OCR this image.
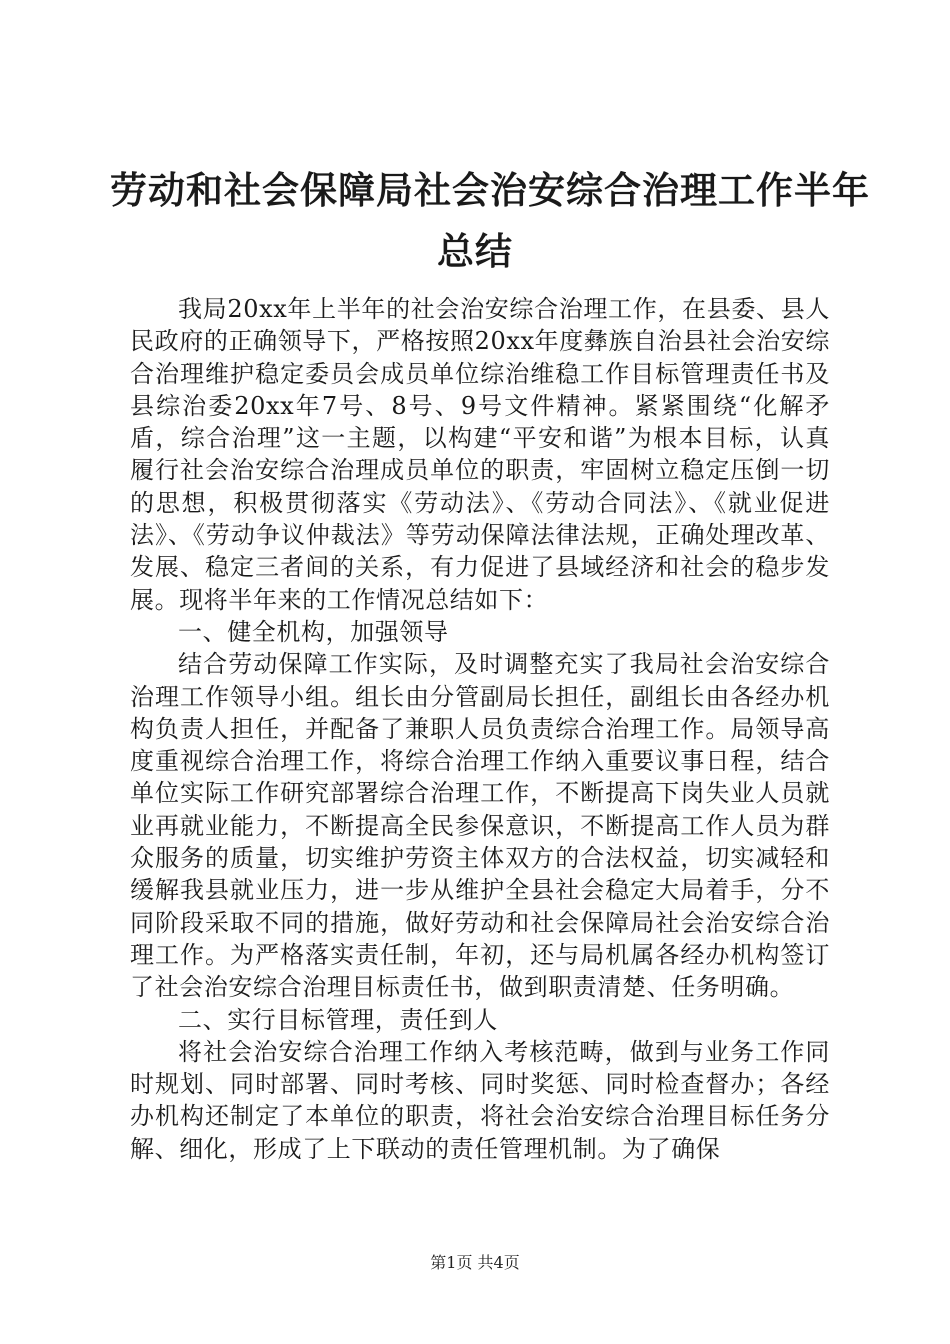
劳动和社会保障局社会治安综合治理工作半年
总结

我局20xx年上半年的社会治安综合治理工作，在县委、县人民政府的正确领导下，严格按照20xx年度彝族自治县社会治安综合治理维护稳定委员会成员单位综治维稳工作目标管理责任书及县综治委20xx年7号、8号、9号文件精神。紧紧围绕“化解矛盾，综合治理”这一主题，以构建“平安和谐”为根本目标，认真履行社会治安综合治理成员单位的职责，牢固树立稳定压倒一切的思想，积极贯彻落实《劳动法》、《劳动合同法》、《就业促进法》、《劳动争议仲裁法》等劳动保障法律法规，正确处理改革、发展、稳定三者间的关系，有力促进了县域经济和社会的稳步发展。现将半年来的工作情况总结如下：

一、健全机构，加强领导

结合劳动保障工作实际，及时调整充实了我局社会治安综合治理工作领导小组。组长由分管副局长担任，副组长由各经办机构负责人担任，并配备了兼职人员负责综合治理工作。局领导高度重视综合治理工作，将综合治理工作纳入重要议事日程，结合单位实际工作研究部署综合治理工作，不断提高下岗失业人员就业再就业能力，不断提高全民参保意识，不断提高工作人员为群众服务的质量，切实维护劳资主体双方的合法权益，切实减轻和缓解我县就业压力，进一步从维护全县社会稳定大局着手，分不同阶段采取不同的措施，做好劳动和社会保障局社会治安综合治理工作。为严格落实责任制，年初，还与局机属各经办机构签订了社会治安综合治理目标责任书，做到职责清楚、任务明确。

二、实行目标管理，责任到人

将社会治安综合治理工作纳入考核范畴，做到与业务工作同时规划、同时部署、同时考核、同时奖惩、同时检查督办；各经办机构还制定了本单位的职责，将社会治安综合治理目标任务分解、细化，形成了上下联动的责任管理机制。为了确保

第1页 共4页
